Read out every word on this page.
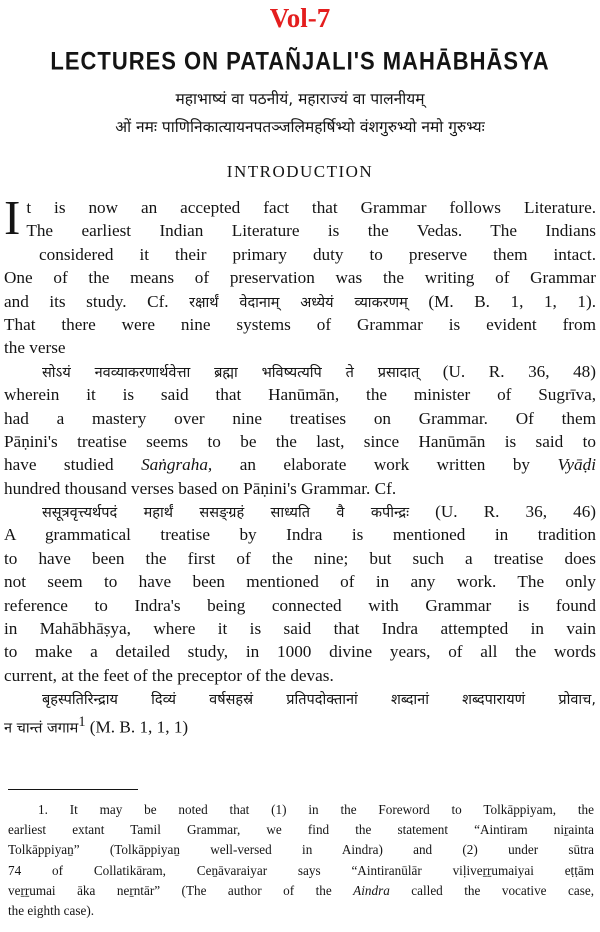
Vol-7
LECTURES ON PATAÑJALI'S MAHĀBHĀSYA
महाभाष्यं वा पठनीयं, महाराज्यं वा पालनीयम्
ओं नमः पाणिनिकात्यायनपतञ्जलिमहर्षिभ्यो वंशगुरुभ्यो नमो गुरुभ्यः
INTRODUCTION
I t is now an accepted fact that Grammar follows Literature.
The earliest Indian Literature is the Vedas. The Indians
considered it their primary duty to preserve them intact.
One of the means of preservation was the writing of Grammar
and its study. Cf. रक्षार्थं वेदानाम् अध्येयं व्याकरणम् (M. B. 1, 1, 1).
That there were nine systems of Grammar is evident from
the verse
सोऽयं नवव्याकरणार्थवेत्ता ब्रह्मा भविष्यत्यपि ते प्रसादात् (U. R. 36, 48)
wherein it is said that Hanūmān, the minister of Sugrīva,
had a mastery over nine treatises on Grammar. Of them
Pāṇini's treatise seems to be the last, since Hanūmān is said to
have studied Saṅgraha, an elaborate work written by Vyāḍi
hundred thousand verses based on Pāṇini's Grammar. Cf.
ससूत्रवृत्त्यर्थपदं महार्थं ससङ्ग्रहं साध्यति वै कपीन्द्रः (U. R. 36, 46)
A grammatical treatise by Indra is mentioned in tradition
to have been the first of the nine; but such a treatise does
not seem to have been mentioned of in any work. The only
reference to Indra's being connected with Grammar is found
in Mahābhāṣya, where it is said that Indra attempted in vain
to make a detailed study, in 1000 divine years, of all the words
current, at the feet of the preceptor of the devas.
बृहस्पतिरिन्द्राय दिव्यं वर्षसहस्रं प्रतिपदोक्तानां शब्दानां शब्दपारायणं प्रोवाच,
न चान्तं जगाम$^1$ (M. B. 1, 1, 1)
1. It may be noted that (1) in the Foreword to Tolkāppiyam, the
earliest extant Tamil Grammar, we find the statement “Aintiram niṟainta
Tolkāppiyaṉ” (Tolkāppiyaṉ well-versed in Aindra) and (2) under sūtra
74 of Collatikāram, Ceṉāvaraiyar says “Aintiranūlār viḷiveṟṟumaiyai eṭṭām
veṟṟumai āka neṟntār” (The author of the Aindra called the vocative case,
the eighth case).
